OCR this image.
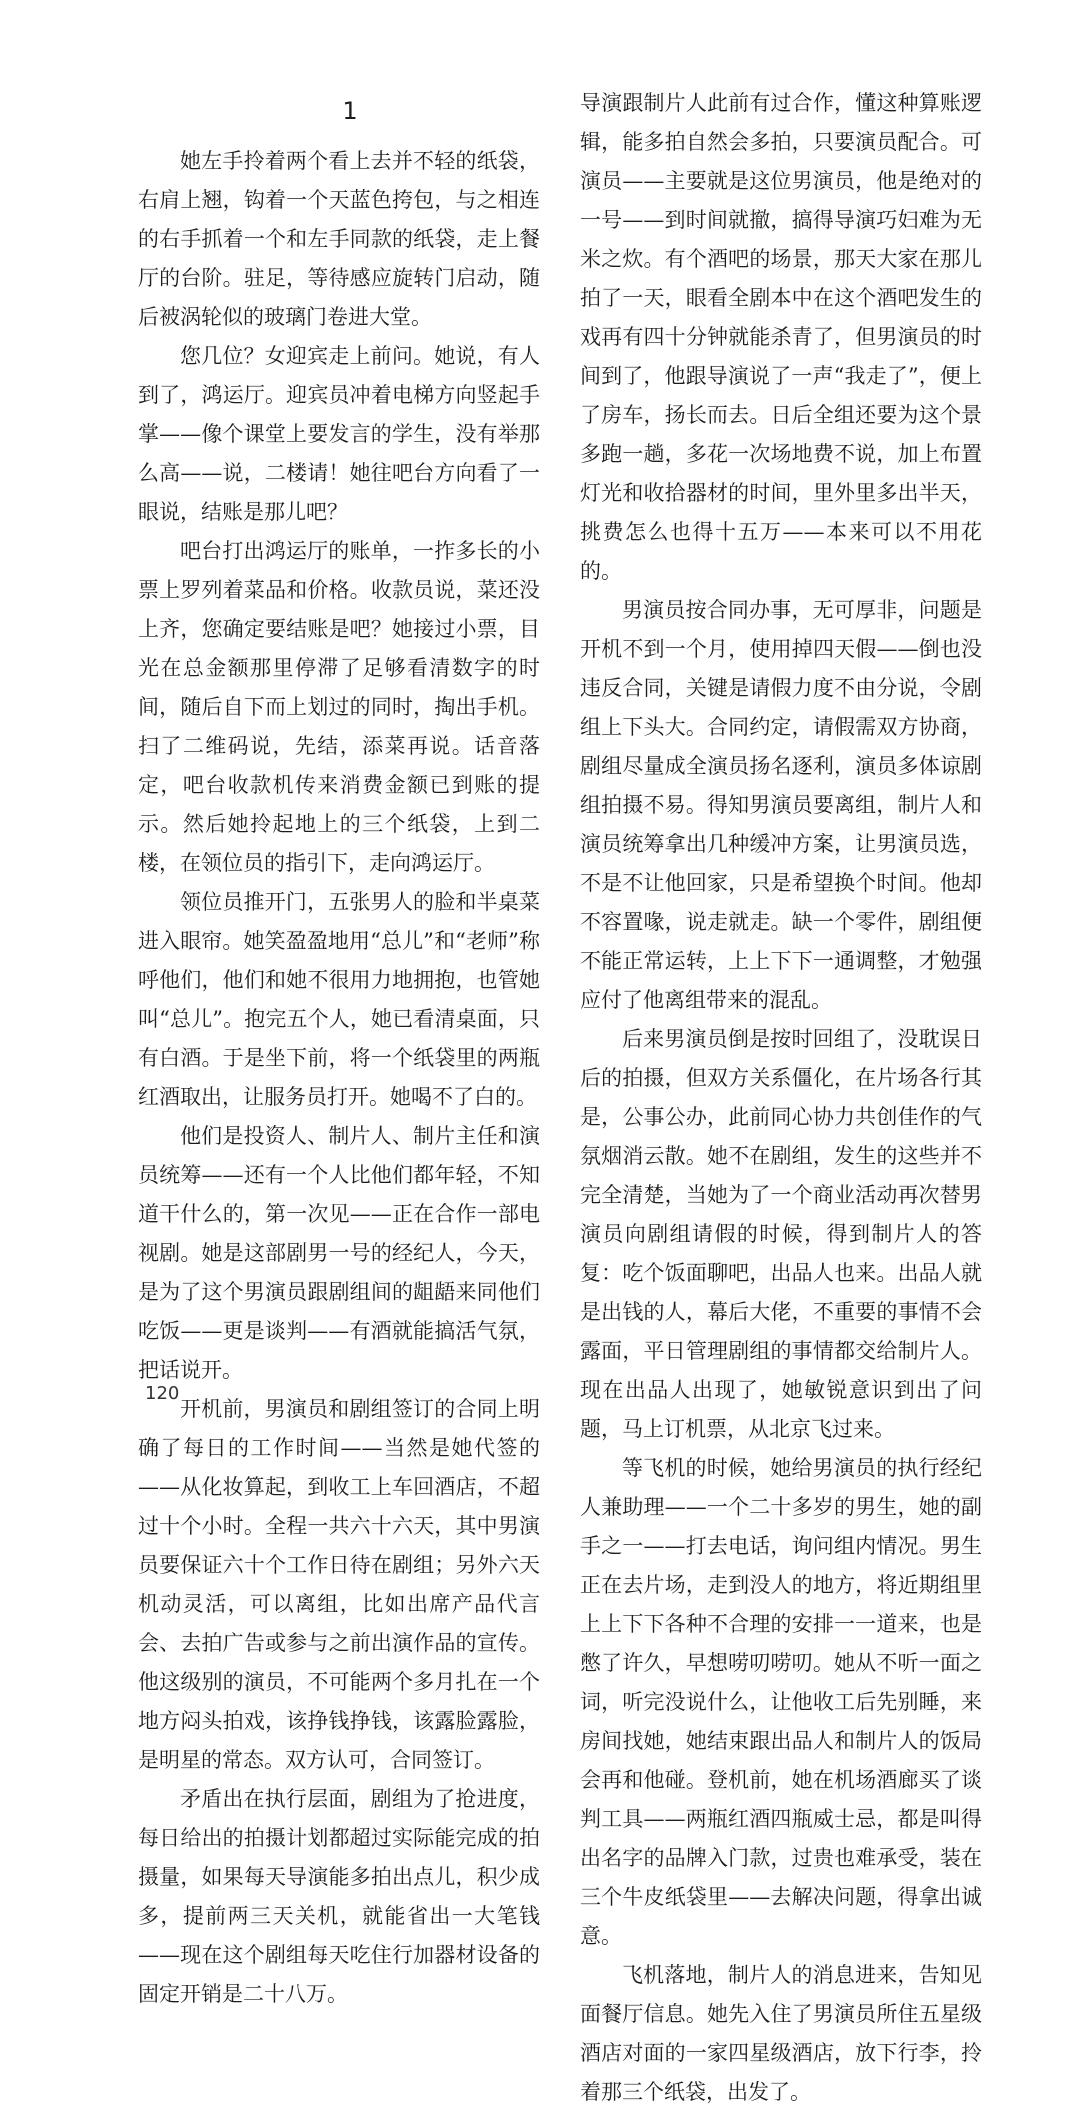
1

她左手拎着两个看上去并不轻的纸袋，右肩上翘，钩着一个天蓝色挎包，与之相连的右手抓着一个和左手同款的纸袋，走上餐厅的台阶。驻足，等待感应旋转门启动，随后被涡轮似的玻璃门卷进大堂。

您几位？女迎宾走上前问。她说，有人到了，鸿运厅。迎宾员冲着电梯方向竖起手掌——像个课堂上要发言的学生，没有举那么高——说，二楼请！她往吧台方向看了一眼说，结账是那儿吧？

吧台打出鸿运厅的账单，一拃多长的小票上罗列着菜品和价格。收款员说，菜还没上齐，您确定要结账是吧？她接过小票，目光在总金额那里停滞了足够看清数字的时间，随后自下而上划过的同时，掏出手机。扫了二维码说，先结，添菜再说。话音落定，吧台收款机传来消费金额已到账的提示。然后她拎起地上的三个纸袋，上到二楼，在领位员的指引下，走向鸿运厅。

领位员推开门，五张男人的脸和半桌菜进入眼帘。她笑盈盈地用“总儿”和“老师”称呼他们，他们和她不很用力地拥抱，也管她叫“总儿”。抱完五个人，她已看清桌面，只有白酒。于是坐下前，将一个纸袋里的两瓶红酒取出，让服务员打开。她喝不了白的。

他们是投资人、制片人、制片主任和演员统筹——还有一个人比他们都年轻，不知道干什么的，第一次见——正在合作一部电视剧。她是这部剧男一号的经纪人，今天，是为了这个男演员跟剧组间的龃龉来同他们吃饭——更是谈判——有酒就能搞活气氛，把话说开。

开机前，男演员和剧组签订的合同上明确了每日的工作时间——当然是她代签的——从化妆算起，到收工上车回酒店，不超过十个小时。全程一共六十六天，其中男演员要保证六十个工作日待在剧组；另外六天机动灵活，可以离组，比如出席产品代言会、去拍广告或参与之前出演作品的宣传。他这级别的演员，不可能两个多月扎在一个地方闷头拍戏，该挣钱挣钱，该露脸露脸，是明星的常态。双方认可，合同签订。

矛盾出在执行层面，剧组为了抢进度，每日给出的拍摄计划都超过实际能完成的拍摄量，如果每天导演能多拍出点儿，积少成多，提前两三天关机，就能省出一大笔钱——现在这个剧组每天吃住行加器材设备的固定开销是二十八万。

导演跟制片人此前有过合作，懂这种算账逻辑，能多拍自然会多拍，只要演员配合。可演员——主要就是这位男演员，他是绝对的一号——到时间就撤，搞得导演巧妇难为无米之炊。有个酒吧的场景，那天大家在那儿拍了一天，眼看全剧本中在这个酒吧发生的戏再有四十分钟就能杀青了，但男演员的时间到了，他跟导演说了一声“我走了”，便上了房车，扬长而去。日后全组还要为这个景多跑一趟，多花一次场地费不说，加上布置灯光和收拾器材的时间，里外里多出半天，挑费怎么也得十五万——本来可以不用花的。

男演员按合同办事，无可厚非，问题是开机不到一个月，使用掉四天假——倒也没违反合同，关键是请假力度不由分说，令剧组上下头大。合同约定，请假需双方协商，剧组尽量成全演员扬名逐利，演员多体谅剧组拍摄不易。得知男演员要离组，制片人和演员统筹拿出几种缓冲方案，让男演员选，不是不让他回家，只是希望换个时间。他却不容置喙，说走就走。缺一个零件，剧组便不能正常运转，上上下下一通调整，才勉强应付了他离组带来的混乱。

后来男演员倒是按时回组了，没耽误日后的拍摄，但双方关系僵化，在片场各行其是，公事公办，此前同心协力共创佳作的气氛烟消云散。她不在剧组，发生的这些并不完全清楚，当她为了一个商业活动再次替男演员向剧组请假的时候，得到制片人的答复：吃个饭面聊吧，出品人也来。出品人就是出钱的人，幕后大佬，不重要的事情不会露面，平日管理剧组的事情都交给制片人。现在出品人出现了，她敏锐意识到出了问题，马上订机票，从北京飞过来。

等飞机的时候，她给男演员的执行经纪人兼助理——一个二十多岁的男生，她的副手之一——打去电话，询问组内情况。男生正在去片场，走到没人的地方，将近期组里上上下下各种不合理的安排一一道来，也是憋了许久，早想唠叨唠叨。她从不听一面之词，听完没说什么，让他收工后先别睡，来房间找她，她结束跟出品人和制片人的饭局会再和他碰。登机前，她在机场酒廊买了谈判工具——两瓶红酒四瓶威士忌，都是叫得出名字的品牌入门款，过贵也难承受，装在三个牛皮纸袋里——去解决问题，得拿出诚意。

飞机落地，制片人的消息进来，告知见面餐厅信息。她先入住了男演员所住五星级酒店对面的一家四星级酒店，放下行李，拎着那三个纸袋，出发了。

120
